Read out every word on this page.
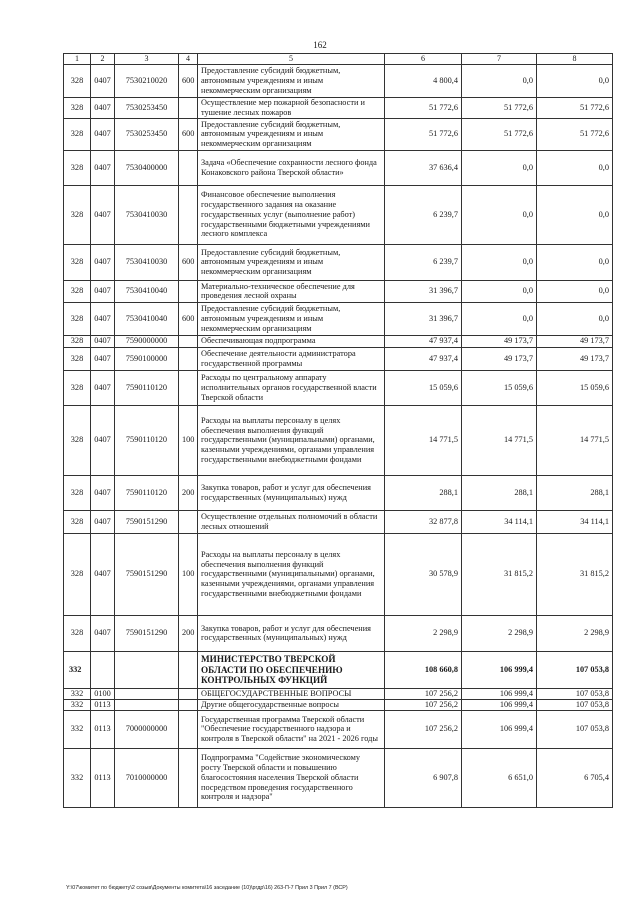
162
1	2	3	4	5	6	7	8
328	0407	7530210020	600	Предоставление субсидий бюджетным, автономным учреждениям и иным некоммерческим организациям	4 800,4	0,0	0,0
328	0407	7530253450		Осуществление мер пожарной безопасности и тушение лесных пожаров	51 772,6	51 772,6	51 772,6
328	0407	7530253450	600	Предоставление субсидий бюджетным, автономным учреждениям и иным некоммерческим организациям	51 772,6	51 772,6	51 772,6
328	0407	7530400000		Задача «Обеспечение сохранности лесного фонда Конаковского района Тверской области»	37 636,4	0,0	0,0
328	0407	7530410030		Финансовое обеспечение выполнения государственного задания на оказание государственных услуг (выполнение работ) государственными бюджетными учреждениями лесного комплекса	6 239,7	0,0	0,0
328	0407	7530410030	600	Предоставление субсидий бюджетным, автономным учреждениям и иным некоммерческим организациям	6 239,7	0,0	0,0
328	0407	7530410040		Материально-техническое обеспечение для проведения лесной охраны	31 396,7	0,0	0,0
328	0407	7530410040	600	Предоставление субсидий бюджетным, автономным учреждениям и иным некоммерческим организациям	31 396,7	0,0	0,0
328	0407	7590000000		Обеспечивающая подпрограмма	47 937,4	49 173,7	49 173,7
328	0407	7590100000		Обеспечение деятельности администратора государственной программы	47 937,4	49 173,7	49 173,7
328	0407	7590110120		Расходы по центральному аппарату исполнительных органов государственной власти Тверской области	15 059,6	15 059,6	15 059,6
328	0407	7590110120	100	Расходы на выплаты персоналу в целях обеспечения выполнения функций государственными (муниципальными) органами, казенными учреждениями, органами управления государственными внебюджетными фондами	14 771,5	14 771,5	14 771,5
328	0407	7590110120	200	Закупка товаров, работ и услуг для обеспечения государственных (муниципальных) нужд	288,1	288,1	288,1
328	0407	7590151290		Осуществление отдельных полномочий в области лесных отношений	32 877,8	34 114,1	34 114,1
328	0407	7590151290	100	Расходы на выплаты персоналу в целях обеспечения выполнения функций государственными (муниципальными) органами, казенными учреждениями, органами управления государственными внебюджетными фондами	30 578,9	31 815,2	31 815,2
328	0407	7590151290	200	Закупка товаров, работ и услуг для обеспечения государственных (муниципальных) нужд	2 298,9	2 298,9	2 298,9
332				МИНИСТЕРСТВО ТВЕРСКОЙ ОБЛАСТИ ПО ОБЕСПЕЧЕНИЮ КОНТРОЛЬНЫХ ФУНКЦИЙ	108 660,8	106 999,4	107 053,8
332	0100			ОБЩЕГОСУДАРСТВЕННЫЕ ВОПРОСЫ	107 256,2	106 999,4	107 053,8
332	0113			Другие общегосударственные вопросы	107 256,2	106 999,4	107 053,8
332	0113	7000000000		Государственная программа Тверской области "Обеспечение государственного надзора и контроля в Тверской области" на 2021 - 2026 годы	107 256,2	106 999,4	107 053,8
332	0113	7010000000		Подпрограмма "Содействие экономическому росту Тверской области и повышению благосостояния населения Тверской области посредством проведения государственного контроля и надзора"	6 907,8	6 651,0	6 705,4
Y:\07\комитет по бюджету\2 созыв\Документы комитета\16 заседание (10)\ргдр\16) 263-П-7 Прил 3 Прил 7 (ВСР)
